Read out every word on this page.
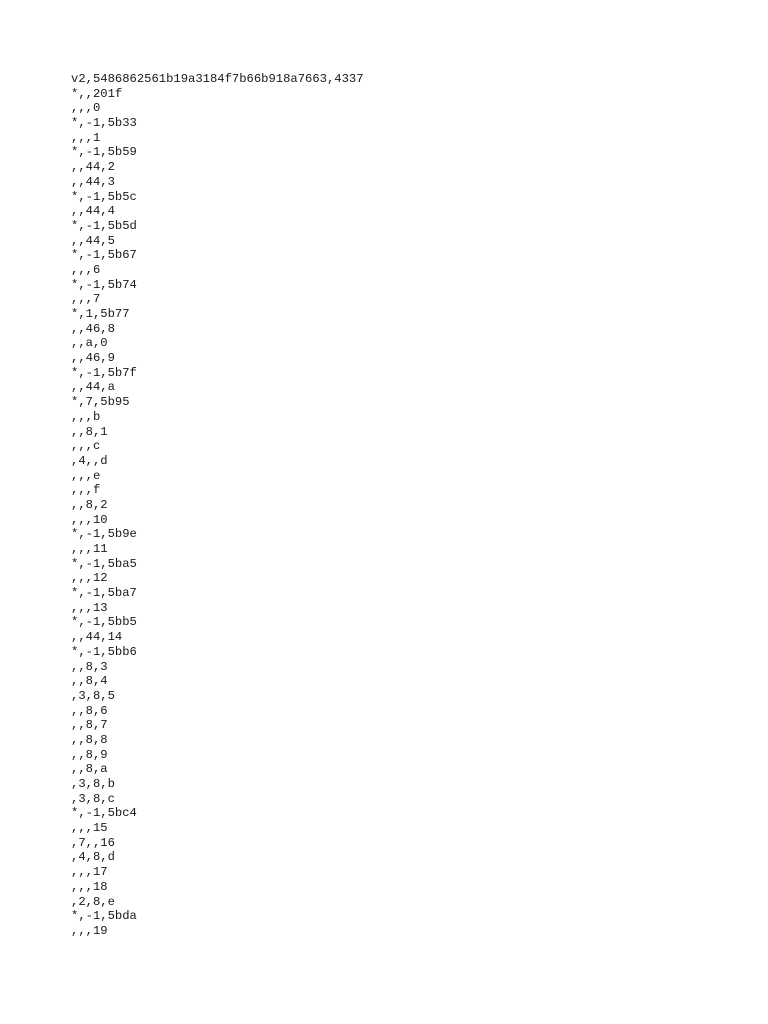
v2,5486862561b19a3184f7b66b918a7663,4337
*,,201f
,,,0
*,-1,5b33
,,,1
*,-1,5b59
,,44,2
,,44,3
*,-1,5b5c
,,44,4
*,-1,5b5d
,,44,5
*,-1,5b67
,,,6
*,-1,5b74
,,,7
*,1,5b77
,,46,8
,,a,0
,,46,9
*,-1,5b7f
,,44,a
*,7,5b95
,,,b
,,8,1
,,,c
,4,,d
,,,e
,,,f
,,8,2
,,,10
*,-1,5b9e
,,,11
*,-1,5ba5
,,,12
*,-1,5ba7
,,,13
*,-1,5bb5
,,44,14
*,-1,5bb6
,,8,3
,,8,4
,3,8,5
,,8,6
,,8,7
,,8,8
,,8,9
,,8,a
,3,8,b
,3,8,c
*,-1,5bc4
,,,15
,7,,16
,4,8,d
,,,17
,,,18
,2,8,e
*,-1,5bda
,,,19
